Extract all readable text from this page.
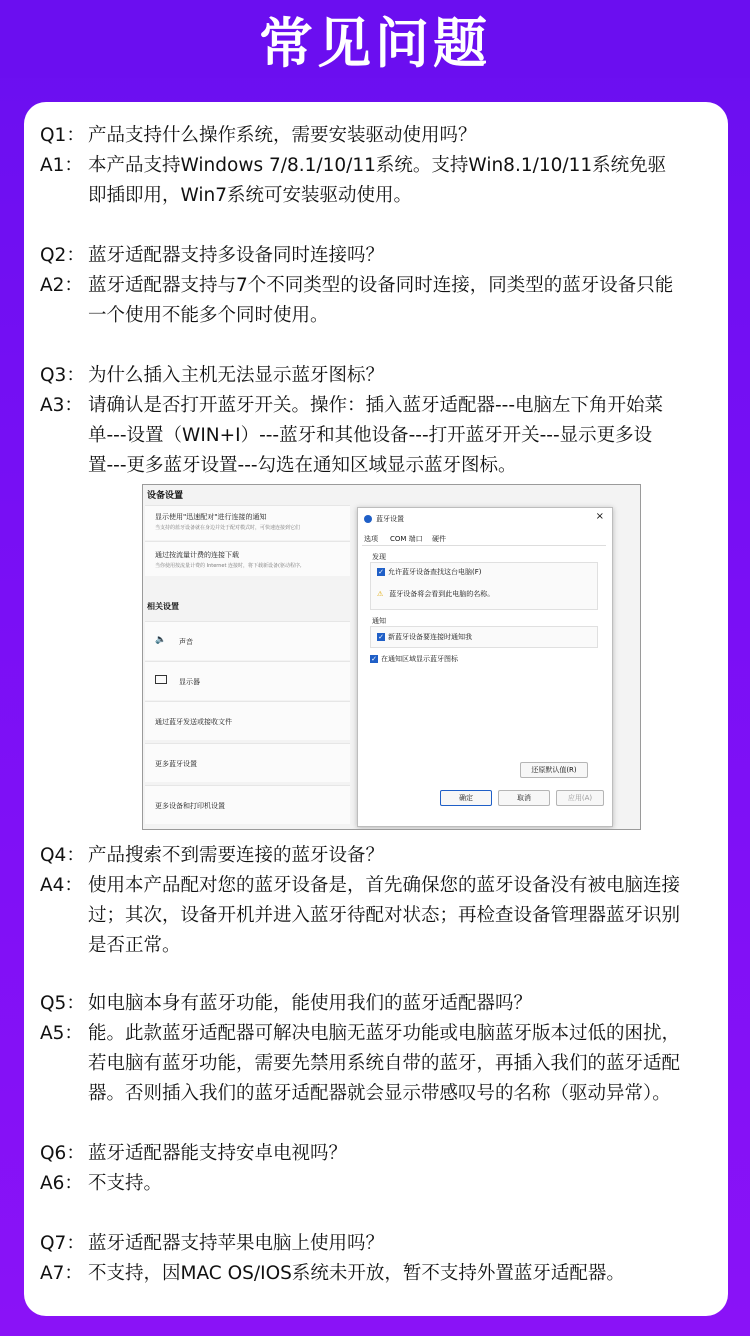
常见问题
Q1： 产品支持什么操作系统，需要安装驱动使用吗？
A1： 本产品支持Windows 7/8.1/10/11系统。支持Win8.1/10/11系统免驱
即插即用，Win7系统可安装驱动使用。
Q2： 蓝牙适配器支持多设备同时连接吗？
A2： 蓝牙适配器支持与7个不同类型的设备同时连接，同类型的蓝牙设备只能
一个使用不能多个同时使用。
Q3： 为什么插入主机无法显示蓝牙图标？
A3： 请确认是否打开蓝牙开关。操作：插入蓝牙适配器---电脑左下角开始菜
单---设置（WIN+I）---蓝牙和其他设备---打开蓝牙开关---显示更多设
置---更多蓝牙设置---勾选在通知区域显示蓝牙图标。
设备设置
显示使用"迅速配对"进行连接的通知
当支持的蓝牙设备就在身边并处于配对模式时，可快速连接到它们
通过按流量计费的连接下载
当你使用按流量计费的 Internet 连接时，将下载新设备(驱动程序,
相关设置
🔈 声音
显示器
通过蓝牙发送或接收文件
更多蓝牙设置
更多设备和打印机设置
蓝牙设置	×
选项 COM 端口 硬件
发现
✓ 允许蓝牙设备查找这台电脑(F)
⚠ 蓝牙设备将会看到此电脑的名称。
通知
✓ 新蓝牙设备要连接时通知我
✓ 在通知区域显示蓝牙图标
还原默认值(R)
确定	取消	应用(A)
Q4： 产品搜索不到需要连接的蓝牙设备？
A4： 使用本产品配对您的蓝牙设备是，首先确保您的蓝牙设备没有被电脑连接
过；其次，设备开机并进入蓝牙待配对状态；再检查设备管理器蓝牙识别
是否正常。
Q5： 如电脑本身有蓝牙功能，能使用我们的蓝牙适配器吗？
A5： 能。此款蓝牙适配器可解决电脑无蓝牙功能或电脑蓝牙版本过低的困扰，
若电脑有蓝牙功能，需要先禁用系统自带的蓝牙，再插入我们的蓝牙适配
器。否则插入我们的蓝牙适配器就会显示带感叹号的名称（驱动异常）。
Q6： 蓝牙适配器能支持安卓电视吗？
A6： 不支持。
Q7： 蓝牙适配器支持苹果电脑上使用吗？
A7： 不支持，因MAC OS/IOS系统未开放，暂不支持外置蓝牙适配器。
